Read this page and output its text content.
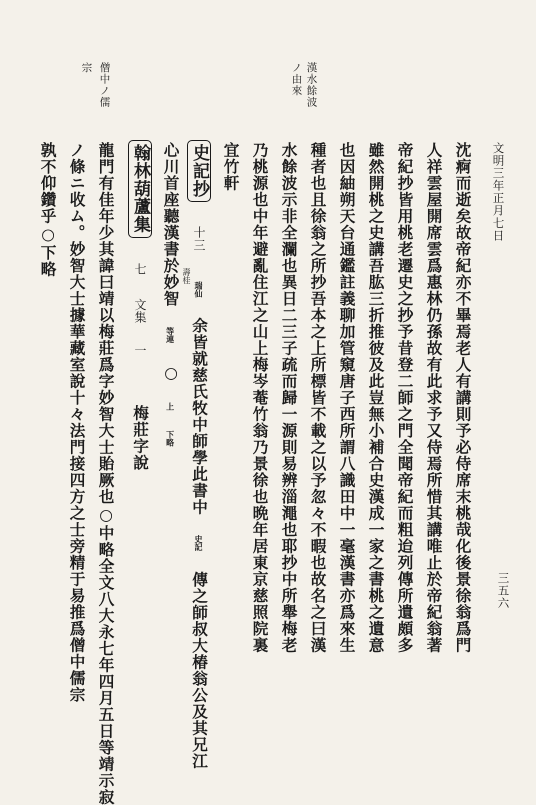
文明三年正月七日
三五六
漢水餘波
ノ由來
僧中ノ儒
宗
沈痾而逝矣故帝紀亦不畢焉老人有講則予必侍席末桃哉化後景徐翁爲門
人祥雲屋開席雲爲惠林仍孫故有此求予又侍焉所惜其講唯止於帝紀翁著
帝紀抄皆用桃老遷史之抄予昔登二師之門全聞帝紀而粗迨列傳所遺頗多
雖然開桃之史講吾肱三折推彼及此豈無小補合史漢成一家之書桃之遺意
也因紬朔天台通鑑註義聊加管窺唐子西所謂八識田中一毫漢書亦爲來生
種者也且徐翁之所抄吾本之上所標皆不載之以予忽々不暇也故名之曰漢
水餘波示非全瀾也異日二三子疏而歸一源則易辨淄澠也耶抄中所舉梅老
乃桃源也中年避亂住江之山上梅岑菴竹翁乃景徐也晩年居東京慈照院裏
宜竹軒
史記抄 十三 瑞仙 余皆就慈氏牧中師學此書中 史記 傳之師叔大椿翁公及其兄江
壽桂
心川首座聽漢書於妙智 等連 ○ 上 下略
翰林葫蘆集 七 文集 一 梅莊字說
龍門有佳年少其諱曰靖以梅莊爲字妙智大士貽厥也○中略全文八大永七年四月五日等靖示寂
ノ條ニ收ム。妙智大士據華藏室說十々法門接四方之士旁精于易推爲僧中儒宗
孰不仰鑽乎○下略
